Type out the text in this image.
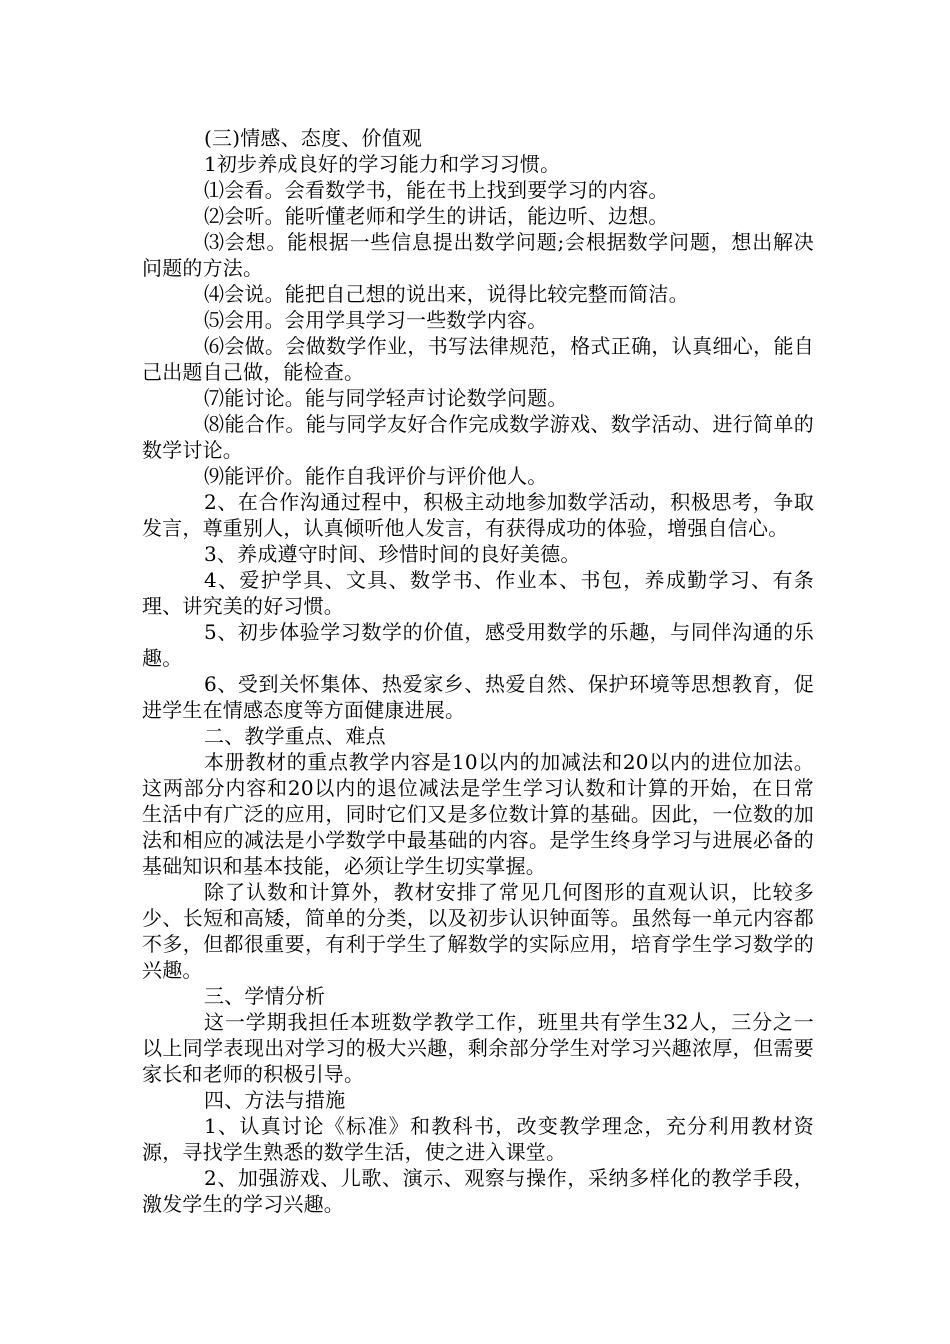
(三)情感、态度、价值观

1初步养成良好的学习能力和学习习惯。

⑴会看。会看数学书，能在书上找到要学习的内容。

⑵会听。能听懂老师和学生的讲话，能边听、边想。

⑶会想。能根据一些信息提出数学问题;会根据数学问题，想出解决问题的方法。

⑷会说。能把自己想的说出来，说得比较完整而简洁。

⑸会用。会用学具学习一些数学内容。

⑹会做。会做数学作业，书写法律规范，格式正确，认真细心，能自己出题自己做，能检查。

⑺能讨论。能与同学轻声讨论数学问题。

⑻能合作。能与同学友好合作完成数学游戏、数学活动、进行简单的数学讨论。

⑼能评价。能作自我评价与评价他人。

2、在合作沟通过程中，积极主动地参加数学活动，积极思考，争取发言，尊重别人，认真倾听他人发言，有获得成功的体验，增强自信心。

3、养成遵守时间、珍惜时间的良好美德。

4、爱护学具、文具、数学书、作业本、书包，养成勤学习、有条理、讲究美的好习惯。

5、初步体验学习数学的价值，感受用数学的乐趣，与同伴沟通的乐趣。

6、受到关怀集体、热爱家乡、热爱自然、保护环境等思想教育，促进学生在情感态度等方面健康进展。

二、教学重点、难点

本册教材的重点教学内容是10以内的加减法和20以内的进位加法。这两部分内容和20以内的退位减法是学生学习认数和计算的开始，在日常生活中有广泛的应用，同时它们又是多位数计算的基础。因此，一位数的加法和相应的减法是小学数学中最基础的内容。是学生终身学习与进展必备的基础知识和基本技能，必须让学生切实掌握。

除了认数和计算外，教材安排了常见几何图形的直观认识，比较多少、长短和高矮，简单的分类，以及初步认识钟面等。虽然每一单元内容都不多，但都很重要，有利于学生了解数学的实际应用，培育学生学习数学的兴趣。

三、学情分析

这一学期我担任本班数学教学工作，班里共有学生32人，三分之一以上同学表现出对学习的极大兴趣，剩余部分学生对学习兴趣浓厚，但需要家长和老师的积极引导。

四、方法与措施

1、认真讨论《标准》和教科书，改变教学理念，充分利用教材资源，寻找学生熟悉的数学生活，使之进入课堂。

2、加强游戏、儿歌、演示、观察与操作，采纳多样化的教学手段，激发学生的学习兴趣。
